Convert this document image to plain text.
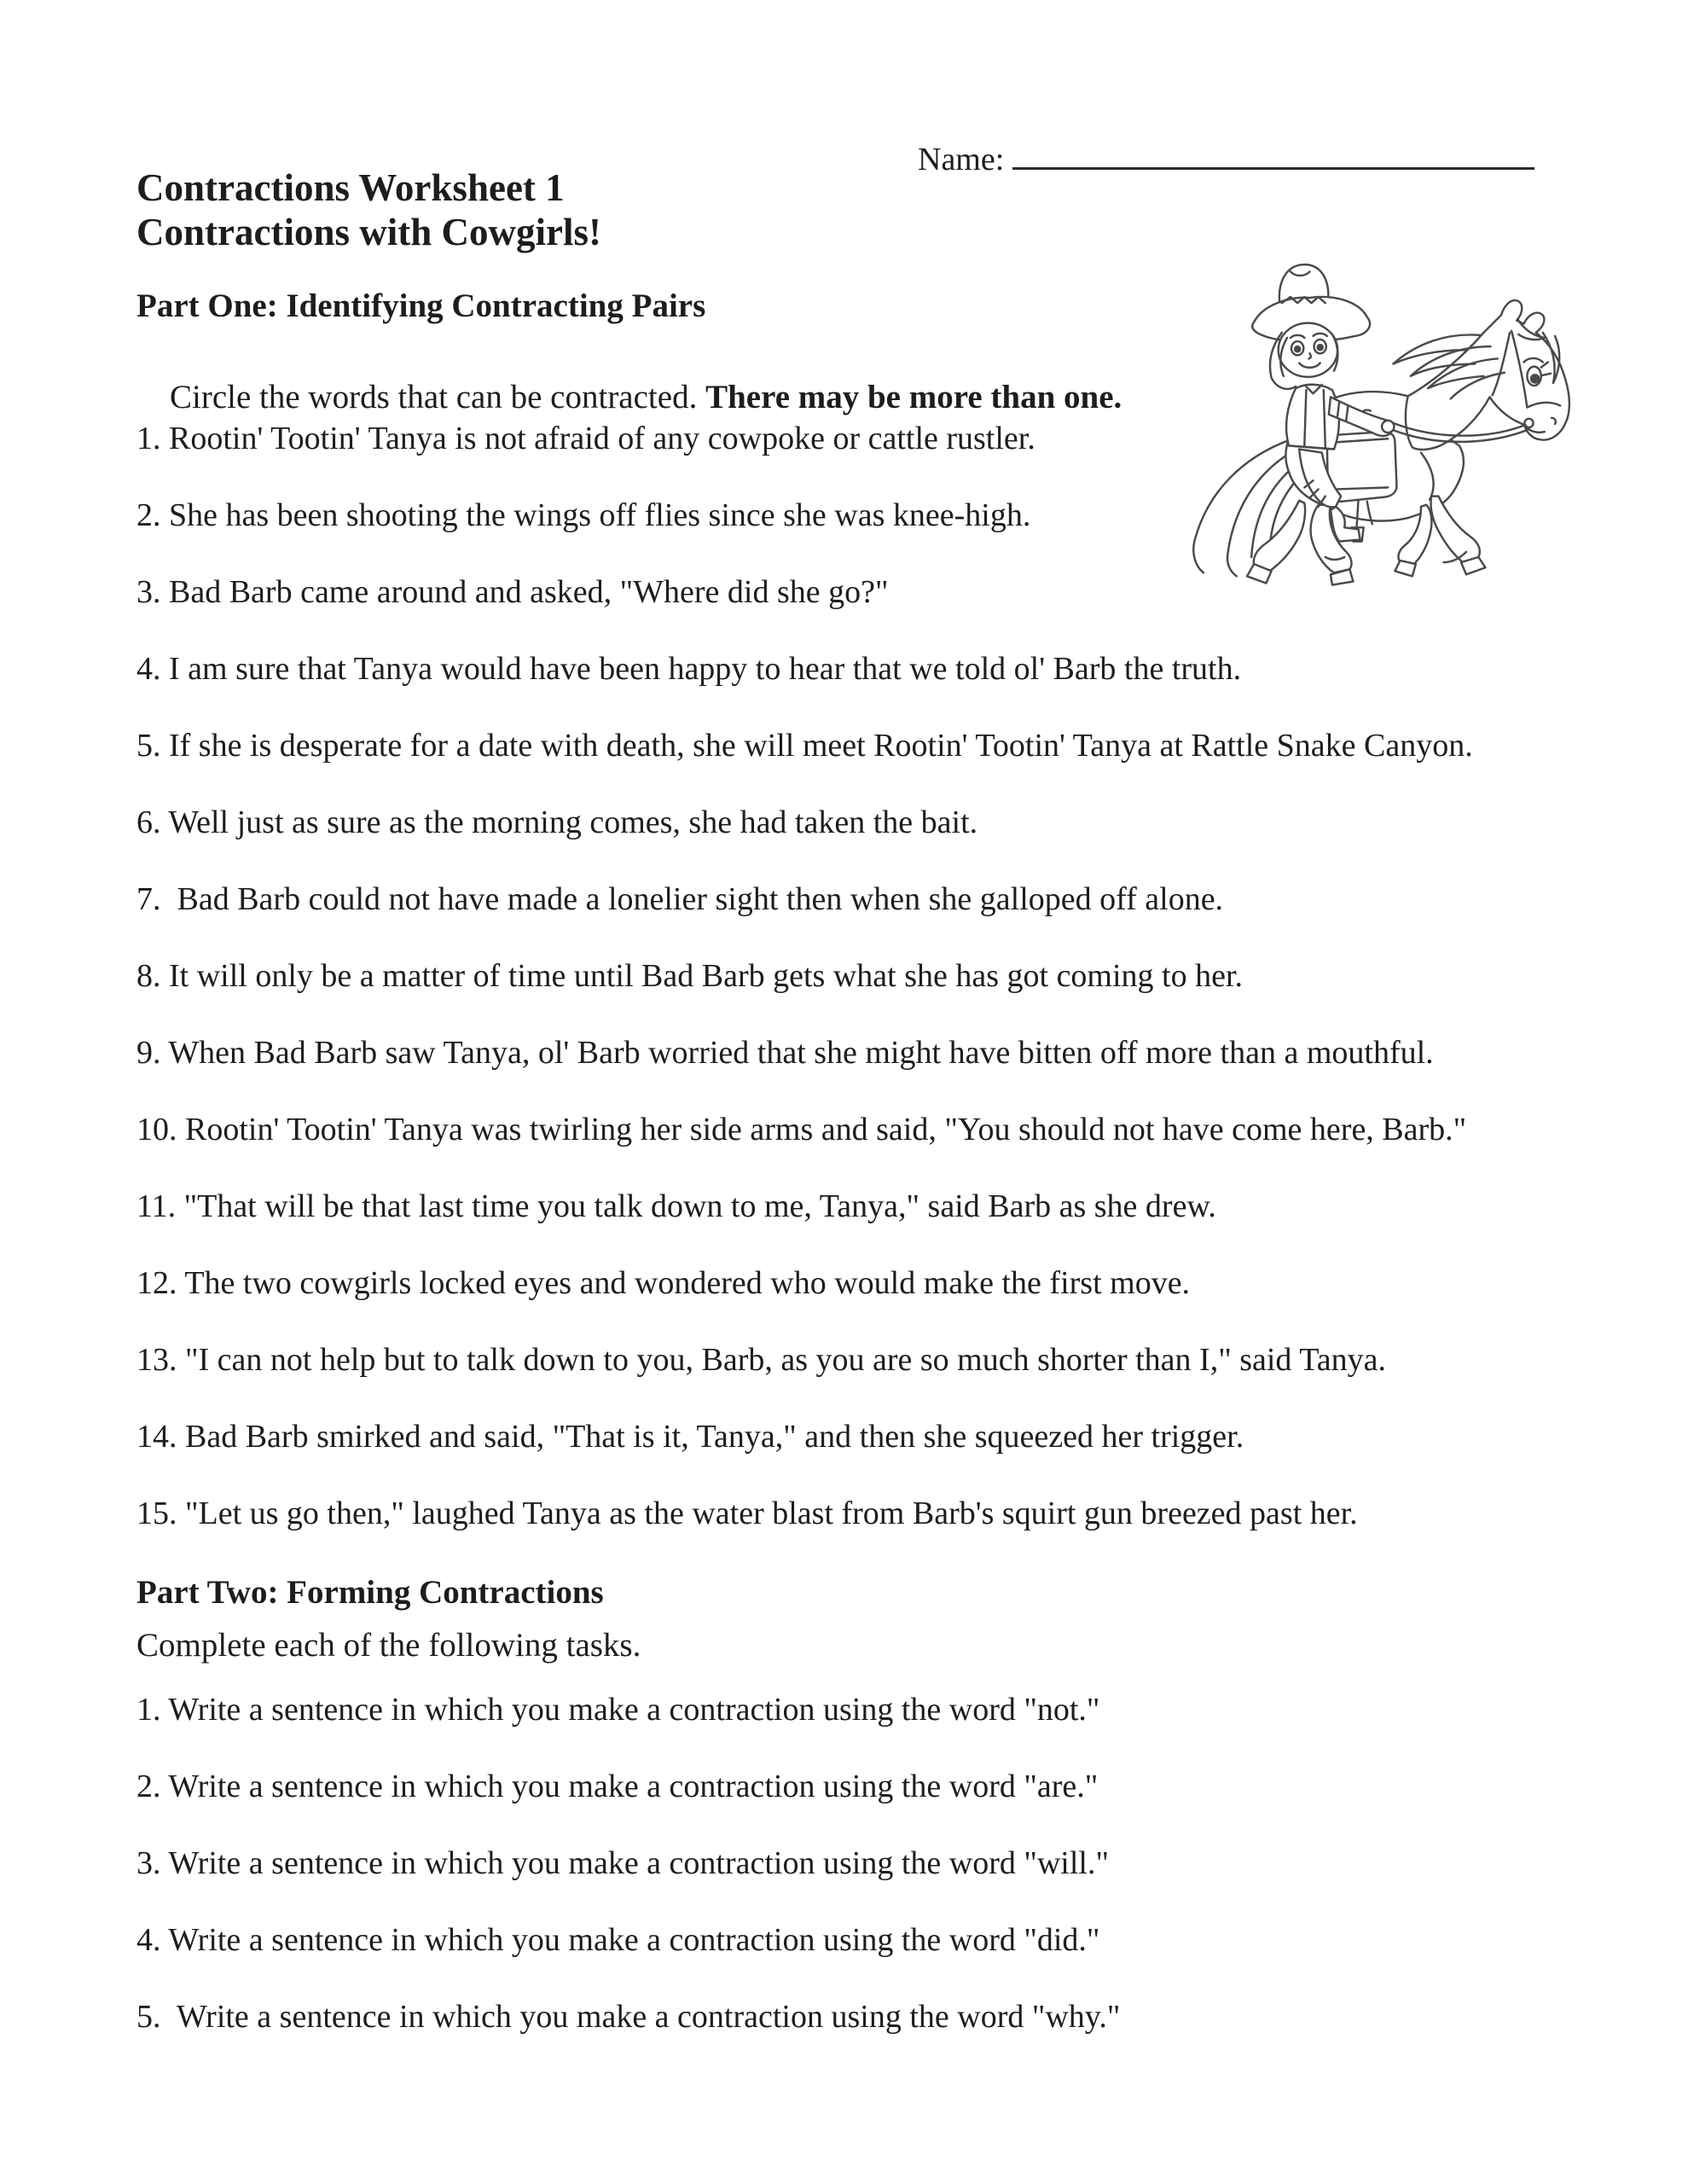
Name:
Contractions Worksheet 1
Contractions with Cowgirls!
Part One: Identifying Contracting Pairs

Circle the words that can be contracted. There may be more than one.

1. Rootin' Tootin' Tanya is not afraid of any cowpoke or cattle rustler.

2. She has been shooting the wings off flies since she was knee-high.

3. Bad Barb came around and asked, "Where did she go?"

4. I am sure that Tanya would have been happy to hear that we told ol' Barb the truth.

5. If she is desperate for a date with death, she will meet Rootin' Tootin' Tanya at Rattle Snake Canyon.

6. Well just as sure as the morning comes, she had taken the bait.

7.  Bad Barb could not have made a lonelier sight then when she galloped off alone.

8. It will only be a matter of time until Bad Barb gets what she has got coming to her.

9. When Bad Barb saw Tanya, ol' Barb worried that she might have bitten off more than a mouthful.

10. Rootin' Tootin' Tanya was twirling her side arms and said, "You should not have come here, Barb."

11. "That will be that last time you talk down to me, Tanya," said Barb as she drew.

12. The two cowgirls locked eyes and wondered who would make the first move.

13. "I can not help but to talk down to you, Barb, as you are so much shorter than I," said Tanya.

14. Bad Barb smirked and said, "That is it, Tanya," and then she squeezed her trigger.

15. "Let us go then," laughed Tanya as the water blast from Barb's squirt gun breezed past her.

Part Two: Forming Contractions
Complete each of the following tasks.

1. Write a sentence in which you make a contraction using the word "not."

2. Write a sentence in which you make a contraction using the word "are."

3. Write a sentence in which you make a contraction using the word "will."

4. Write a sentence in which you make a contraction using the word "did."

5.  Write a sentence in which you make a contraction using the word "why."
